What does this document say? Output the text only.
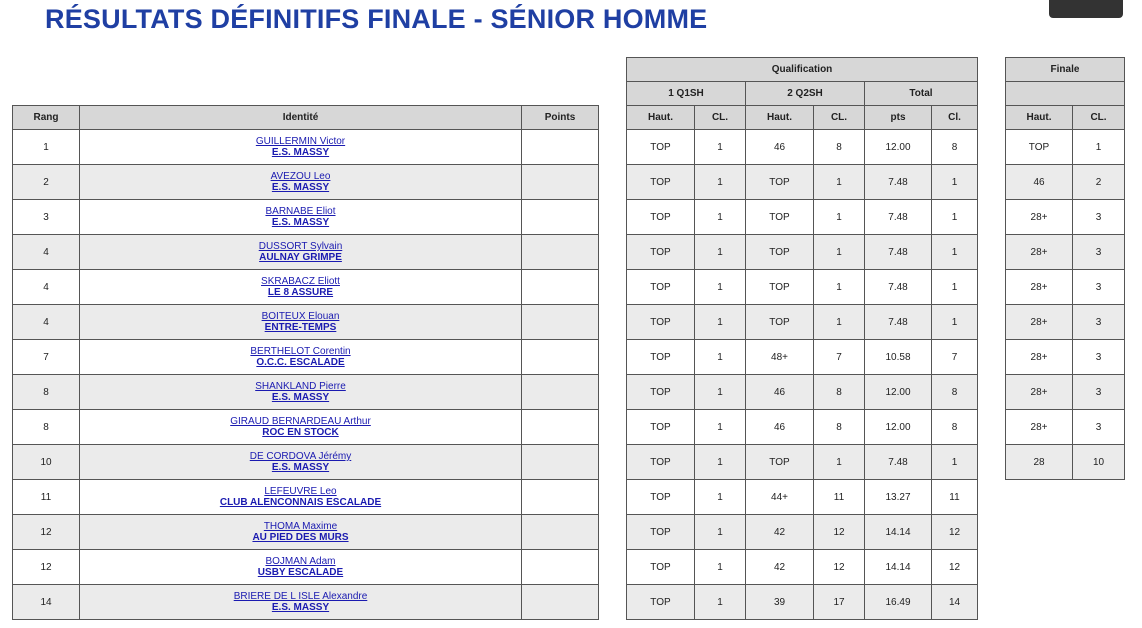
RÉSULTATS DÉFINITIFS FINALE - SÉNIOR HOMME
Rang	Identité	Points
1	GUILLERMIN Victor
E.S. MASSY	

2	AVEZOU Leo
E.S. MASSY	

3	BARNABE Eliot
E.S. MASSY	

4	DUSSORT Sylvain
AULNAY GRIMPE	

4	SKRABACZ Eliott
LE 8 ASSURE	

4	BOITEUX Elouan
ENTRE-TEMPS	

7	BERTHELOT Corentin
O.C.C. ESCALADE	

8	SHANKLAND Pierre
E.S. MASSY	

8	GIRAUD BERNARDEAU Arthur
ROC EN STOCK	

10	DE CORDOVA Jérémy
E.S. MASSY	

11	LEFEUVRE Leo
CLUB ALENCONNAIS ESCALADE	

12	THOMA Maxime
AU PIED DES MURS	

12	BOJMAN Adam
USBY ESCALADE	

14	BRIERE DE L ISLE Alexandre
E.S. MASSY	

Qualification					
1 Q1SH		2 Q2SH		Total	
Haut.	CL.	Haut.	CL.	pts	Cl.
TOP	1	46	8	12.00	8
TOP	1	TOP	1	7.48	1
TOP	1	TOP	1	7.48	1
TOP	1	TOP	1	7.48	1
TOP	1	TOP	1	7.48	1
TOP	1	TOP	1	7.48	1
TOP	1	48+	7	10.58	7
TOP	1	46	8	12.00	8
TOP	1	46	8	12.00	8
TOP	1	TOP	1	7.48	1
TOP	1	44+	11	13.27	11
TOP	1	42	12	14.14	12
TOP	1	42	12	14.14	12
TOP	1	39	17	16.49	14
Finale	

Haut.	CL.
TOP	1
46	2
28+	3
28+	3
28+	3
28+	3
28+	3
28+	3
28+	3
28	10
